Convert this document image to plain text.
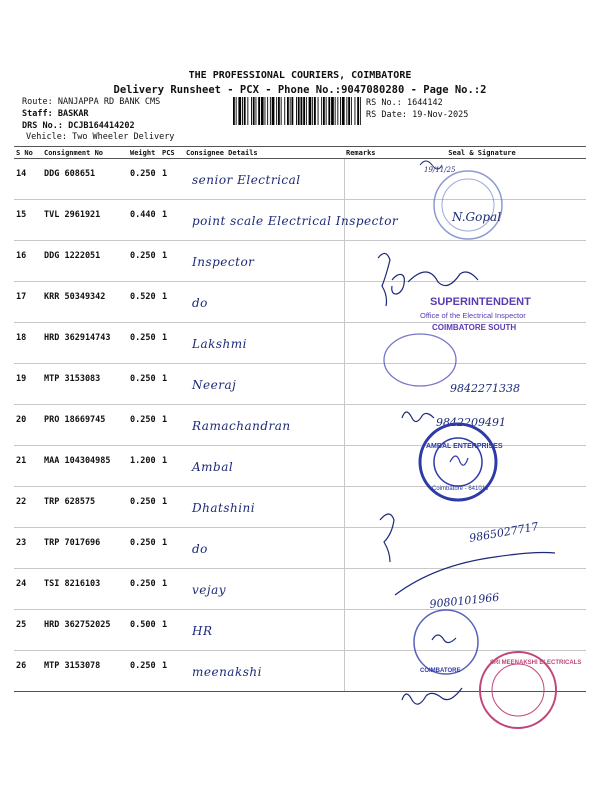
THE PROFESSIONAL COURIERS, COIMBATORE
Delivery Runsheet - PCX - Phone No.:9047080280 - Page No.:2
Route: NANJAPPA RD BANK CMS
Staff: BASKAR
DRS No.: DCJB164414202
Vehicle: Two Wheeler Delivery
RS No.: 1644142
RS Date: 19-Nov-2025
S No	Consignment No	Weight	PCS	Consignee Details	Remarks	Seal & Signature
14	DDG 608651	0.250	1	senior Electrical		

15	TVL 2961921	0.440	1	point scale Electrical Inspector		

16	DDG 1222051	0.250	1	Inspector		

17	KRR 50349342	0.520	1	do		

18	HRD 362914743	0.250	1	Lakshmi		

19	MTP 3153083	0.250	1	Neeraj		

20	PRO 18669745	0.250	1	Ramachandran		

21	MAA 104304985	1.200	1	Ambal		

22	TRP 628575	0.250	1	Dhatshini		

23	TRP 7017696	0.250	1	do		

24	TSI 8216103	0.250	1	vejay		

25	HRD 362752025	0.500	1	HR		

26	MTP 3153078	0.250	1	meenakshi		

19/11/25
N.Gopal
SUPERINTENDENT
Office of the Electrical Inspector
COIMBATORE SOUTH
9842271338
9842209491
AMBAL ENTERPRISES
Coimbatore - 641018
9865027717
9080101966
COIMBATORE
SRI MEENAKSHI ELECTRICALS
